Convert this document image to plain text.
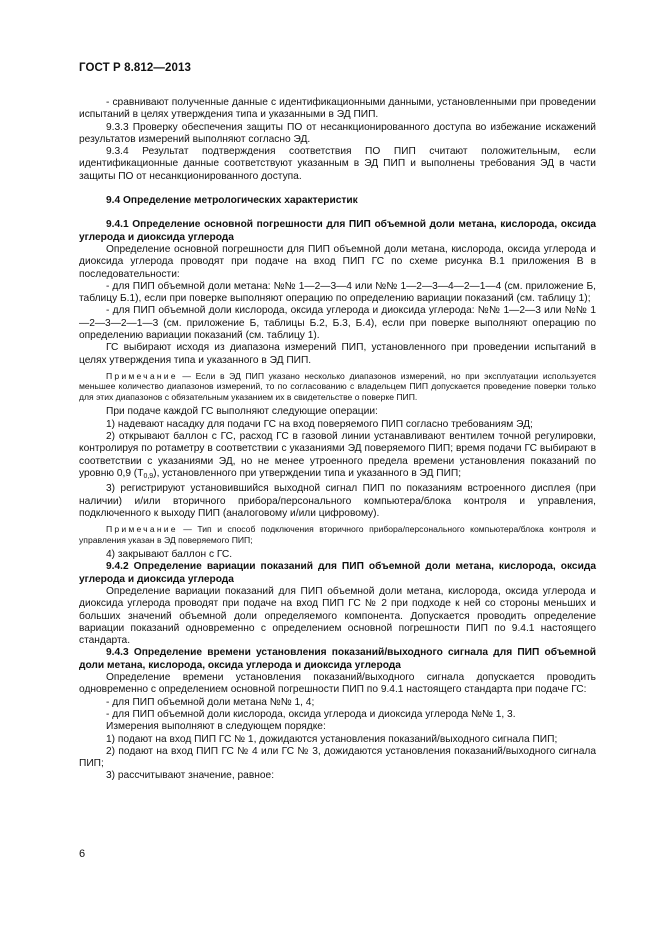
ГОСТ Р 8.812—2013

- сравнивают полученные данные с идентификационными данными, установленными при проведении испытаний в целях утверждения типа и указанными в ЭД ПИП.

9.3.3 Проверку обеспечения защиты ПО от несанкционированного доступа во избежание искажений результатов измерений выполняют согласно ЭД.

9.3.4 Результат подтверждения соответствия ПО ПИП считают положительным, если идентификационные данные соответствуют указанным в ЭД ПИП и выполнены требования ЭД в части защиты ПО от несанкционированного доступа.

9.4 Определение метрологических характеристик

9.4.1 Определение основной погрешности для ПИП объемной доли метана, кислорода, оксида углерода и диоксида углерода

Определение основной погрешности для ПИП объемной доли метана, кислорода, оксида углерода и диоксида углерода проводят при подаче на вход ПИП ГС по схеме рисунка В.1 приложения В в последовательности:

- для ПИП объемной доли метана: №№ 1—2—3—4 или №№ 1—2—3—4—2—1—4 (см. приложение Б, таблицу Б.1), если при поверке выполняют операцию по определению вариации показаний (см. таблицу 1);

- для ПИП объемной доли кислорода, оксида углерода и диоксида углерода: №№ 1—2—3 или №№ 1—2—3—2—1—3 (см. приложение Б, таблицы Б.2, Б.3, Б.4), если при поверке выполняют операцию по определению вариации показаний (см. таблицу 1).

ГС выбирают исходя из диапазона измерений ПИП, установленного при проведении испытаний в целях утверждения типа и указанного в ЭД ПИП.

Примечание — Если в ЭД ПИП указано несколько диапазонов измерений, но при эксплуатации используется меньшее количество диапазонов измерений, то по согласованию с владельцем ПИП допускается проведение поверки только для этих диапазонов с обязательным указанием их в свидетельстве о поверке ПИП.

При подаче каждой ГС выполняют следующие операции:

1) надевают насадку для подачи ГС на вход поверяемого ПИП согласно требованиям ЭД;

2) открывают баллон с ГС, расход ГС в газовой линии устанавливают вентилем точной регулировки, контролируя по ротаметру в соответствии с указаниями ЭД поверяемого ПИП; время подачи ГС выбирают в соответствии с указаниями ЭД, но не менее утроенного предела времени установления показаний по уровню 0,9 $(T_{0,9})$, установленного при утверждении типа и указанного в ЭД ПИП;

3) регистрируют установившийся выходной сигнал ПИП по показаниям встроенного дисплея (при наличии) и/или вторичного прибора/персонального компьютера/блока контроля и управления, подключенного к выходу ПИП (аналоговому и/или цифровому).

Примечание — Тип и способ подключения вторичного прибора/персонального компьютера/блока контроля и управления указан в ЭД поверяемого ПИП;

4) закрывают баллон с ГС.

9.4.2 Определение вариации показаний для ПИП объемной доли метана, кислорода, оксида углерода и диоксида углерода

Определение вариации показаний для ПИП объемной доли метана, кислорода, оксида углерода и диоксида углерода проводят при подаче на вход ПИП ГС № 2 при подходе к ней со стороны меньших и больших значений объемной доли определяемого компонента. Допускается проводить определение вариации показаний одновременно с определением основной погрешности ПИП по 9.4.1 настоящего стандарта.

9.4.3 Определение времени установления показаний/выходного сигнала для ПИП объемной доли метана, кислорода, оксида углерода и диоксида углерода

Определение времени установления показаний/выходного сигнала допускается проводить одновременно с определением основной погрешности ПИП по 9.4.1 настоящего стандарта при подаче ГС:

- для ПИП объемной доли метана №№ 1, 4;

- для ПИП объемной доли кислорода, оксида углерода и диоксида углерода №№ 1, 3.

Измерения выполняют в следующем порядке:

1) подают на вход ПИП ГС № 1, дожидаются установления показаний/выходного сигнала ПИП;

2) подают на вход ПИП ГС № 4 или ГС № 3, дожидаются установления показаний/выходного сигнала ПИП;

3) рассчитывают значение, равное:

6
